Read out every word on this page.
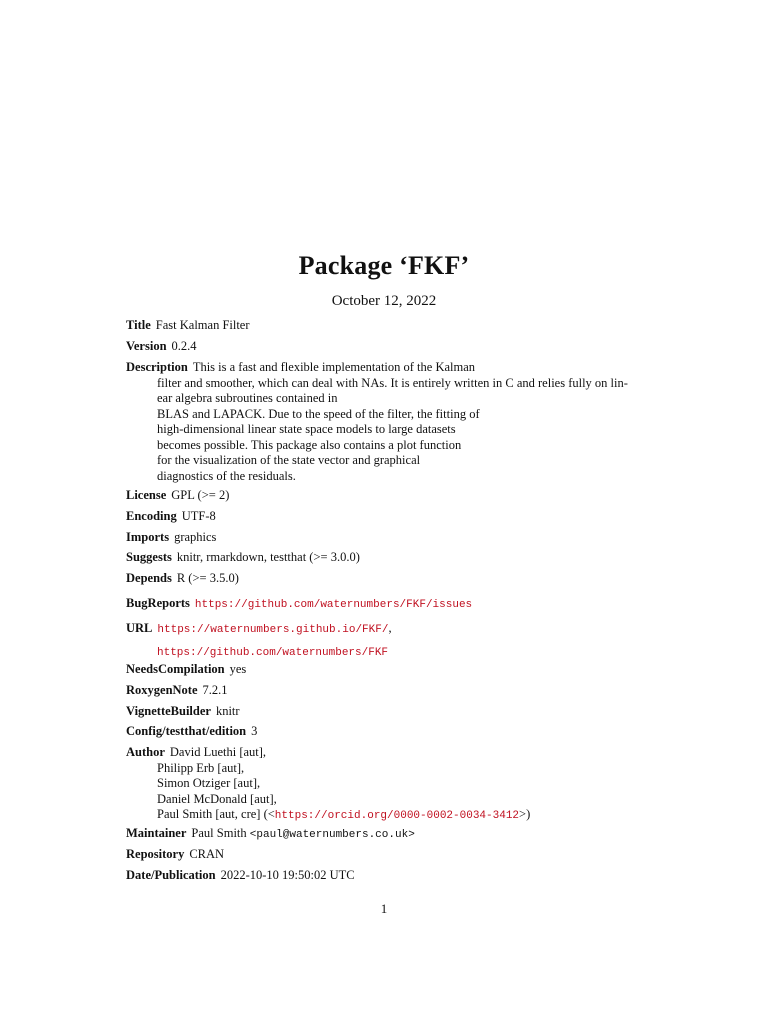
Package ‘FKF’
October 12, 2022
Title Fast Kalman Filter
Version 0.2.4
Description This is a fast and flexible implementation of the Kalman
filter and smoother, which can deal with NAs. It is entirely written in C and relies fully on lin-
ear algebra subroutines contained in
BLAS and LAPACK. Due to the speed of the filter, the fitting of
high-dimensional linear state space models to large datasets
becomes possible. This package also contains a plot function
for the visualization of the state vector and graphical
diagnostics of the residuals.
License GPL (>= 2)
Encoding UTF-8
Imports graphics
Suggests knitr, rmarkdown, testthat (>= 3.0.0)
Depends R (>= 3.5.0)
BugReports https://github.com/waternumbers/FKF/issues
URL https://waternumbers.github.io/FKF/,
https://github.com/waternumbers/FKF
NeedsCompilation yes
RoxygenNote 7.2.1
VignetteBuilder knitr
Config/testthat/edition 3
Author David Luethi [aut],
Philipp Erb [aut],
Simon Otziger [aut],
Daniel McDonald [aut],
Paul Smith [aut, cre] (<https://orcid.org/0000-0002-0034-3412>)
Maintainer Paul Smith <paul@waternumbers.co.uk>
Repository CRAN
Date/Publication 2022-10-10 19:50:02 UTC
1
